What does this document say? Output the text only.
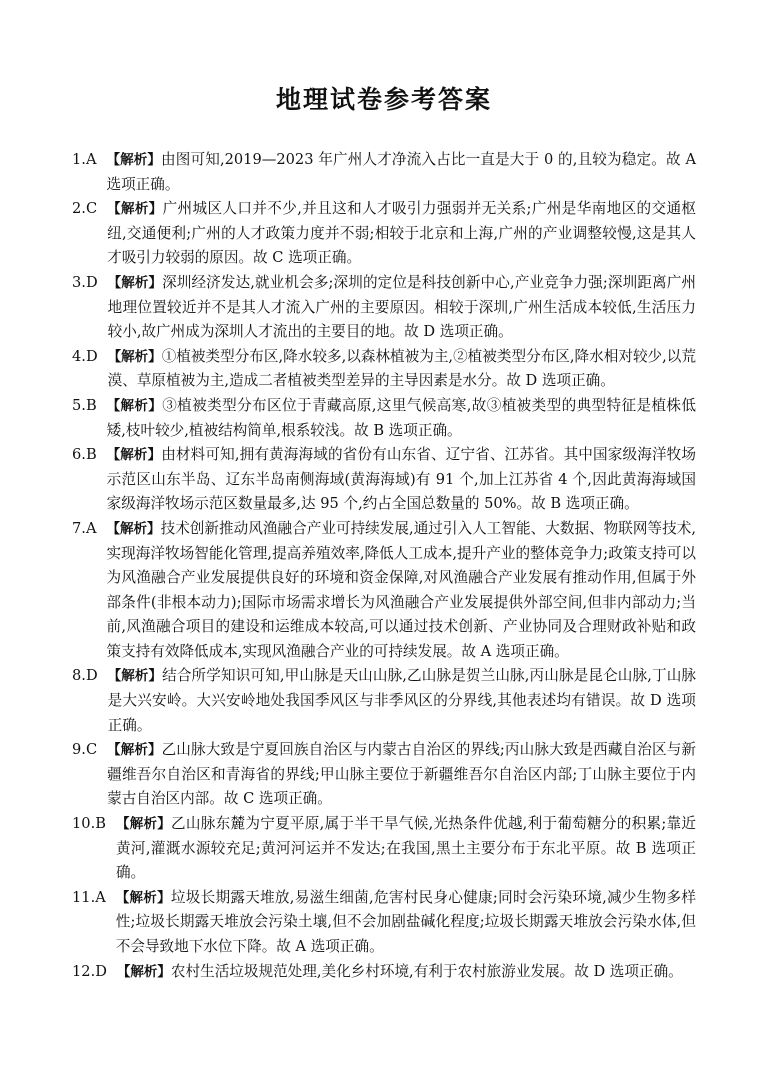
地理试卷参考答案
1.A 【解析】由图可知,2019—2023 年广州人才净流入占比一直是大于 0 的,且较为稳定。故 A 选项正确。
2.C 【解析】广州城区人口并不少,并且这和人才吸引力强弱并无关系;广州是华南地区的交通枢纽,交通便利;广州的人才政策力度并不弱;相较于北京和上海,广州的产业调整较慢,这是其人才吸引力较弱的原因。故 C 选项正确。
3.D 【解析】深圳经济发达,就业机会多;深圳的定位是科技创新中心,产业竞争力强;深圳距离广州地理位置较近并不是其人才流入广州的主要原因。相较于深圳,广州生活成本较低,生活压力较小,故广州成为深圳人才流出的主要目的地。故 D 选项正确。
4.D 【解析】①植被类型分布区,降水较多,以森林植被为主,②植被类型分布区,降水相对较少,以荒漠、草原植被为主,造成二者植被类型差异的主导因素是水分。故 D 选项正确。
5.B 【解析】③植被类型分布区位于青藏高原,这里气候高寒,故③植被类型的典型特征是植株低矮,枝叶较少,植被结构简单,根系较浅。故 B 选项正确。
6.B 【解析】由材料可知,拥有黄海海域的省份有山东省、辽宁省、江苏省。其中国家级海洋牧场示范区山东半岛、辽东半岛南侧海域(黄海海域)有 91 个,加上江苏省 4 个,因此黄海海域国家级海洋牧场示范区数量最多,达 95 个,约占全国总数量的 50%。故 B 选项正确。
7.A 【解析】技术创新推动风渔融合产业可持续发展,通过引入人工智能、大数据、物联网等技术,实现海洋牧场智能化管理,提高养殖效率,降低人工成本,提升产业的整体竞争力;政策支持可以为风渔融合产业发展提供良好的环境和资金保障,对风渔融合产业发展有推动作用,但属于外部条件(非根本动力);国际市场需求增长为风渔融合产业发展提供外部空间,但非内部动力;当前,风渔融合项目的建设和运维成本较高,可以通过技术创新、产业协同及合理财政补贴和政策支持有效降低成本,实现风渔融合产业的可持续发展。故 A 选项正确。
8.D 【解析】结合所学知识可知,甲山脉是天山山脉,乙山脉是贺兰山脉,丙山脉是昆仑山脉,丁山脉是大兴安岭。大兴安岭地处我国季风区与非季风区的分界线,其他表述均有错误。故 D 选项正确。
9.C 【解析】乙山脉大致是宁夏回族自治区与内蒙古自治区的界线;丙山脉大致是西藏自治区与新疆维吾尔自治区和青海省的界线;甲山脉主要位于新疆维吾尔自治区内部;丁山脉主要位于内蒙古自治区内部。故 C 选项正确。
10.B 【解析】乙山脉东麓为宁夏平原,属于半干旱气候,光热条件优越,利于葡萄糖分的积累;靠近黄河,灌溉水源较充足;黄河河运并不发达;在我国,黑土主要分布于东北平原。故 B 选项正确。
11.A 【解析】垃圾长期露天堆放,易滋生细菌,危害村民身心健康;同时会污染环境,减少生物多样性;垃圾长期露天堆放会污染土壤,但不会加剧盐碱化程度;垃圾长期露天堆放会污染水体,但不会导致地下水位下降。故 A 选项正确。
12.D 【解析】农村生活垃圾规范处理,美化乡村环境,有利于农村旅游业发展。故 D 选项正确。
